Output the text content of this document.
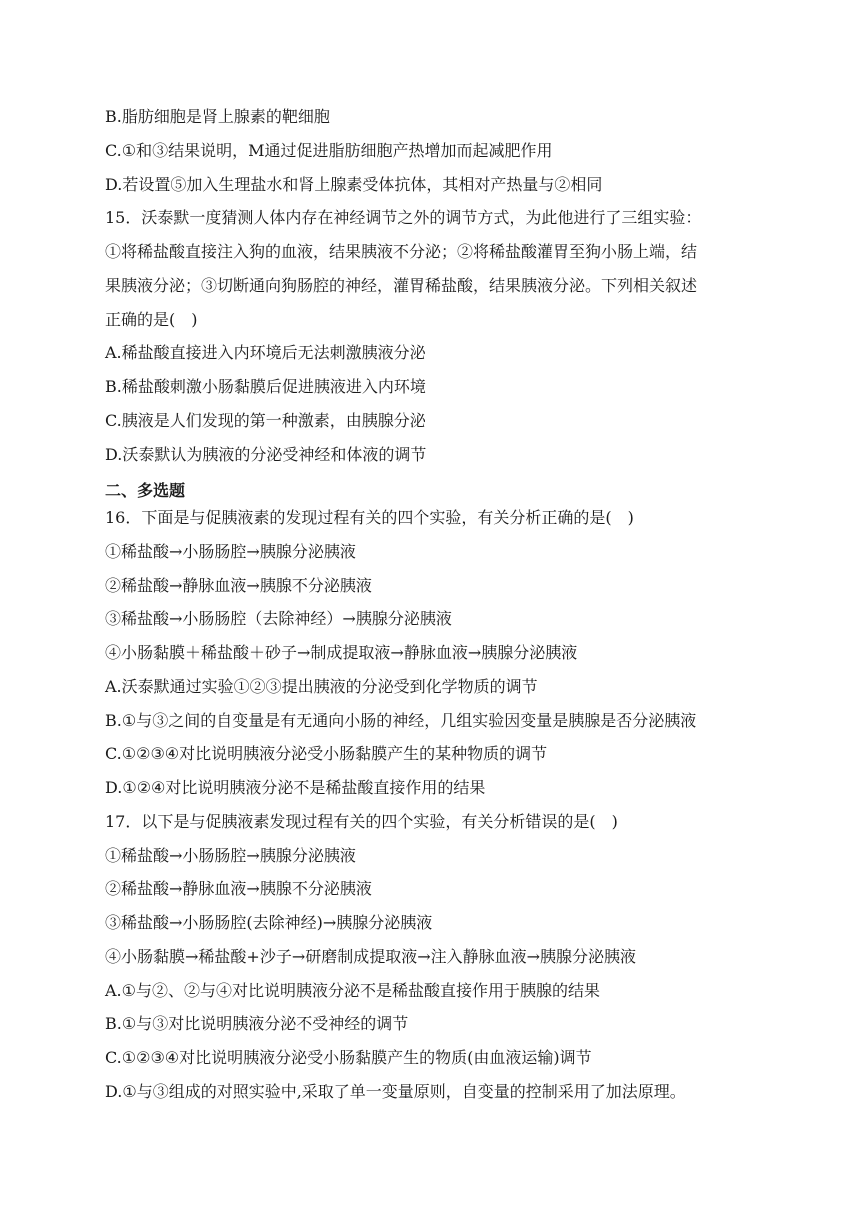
B.脂肪细胞是肾上腺素的靶细胞
C.①和③结果说明，M通过促进脂肪细胞产热增加而起减肥作用
D.若设置⑤加入生理盐水和肾上腺素受体抗体，其相对产热量与②相同
15．沃泰默一度猜测人体内存在神经调节之外的调节方式，为此他进行了三组实验：
①将稀盐酸直接注入狗的血液，结果胰液不分泌；②将稀盐酸灌胃至狗小肠上端，结
果胰液分泌；③切断通向狗肠腔的神经，灌胃稀盐酸，结果胰液分泌。下列相关叙述
正确的是(　)
A.稀盐酸直接进入内环境后无法刺激胰液分泌
B.稀盐酸刺激小肠黏膜后促进胰液进入内环境
C.胰液是人们发现的第一种激素，由胰腺分泌
D.沃泰默认为胰液的分泌受神经和体液的调节
二、多选题
16．下面是与促胰液素的发现过程有关的四个实验，有关分析正确的是(　)
①稀盐酸→小肠肠腔→胰腺分泌胰液
②稀盐酸→静脉血液→胰腺不分泌胰液
③稀盐酸→小肠肠腔（去除神经）→胰腺分泌胰液
④小肠黏膜＋稀盐酸＋砂子→制成提取液→静脉血液→胰腺分泌胰液
A.沃泰默通过实验①②③提出胰液的分泌受到化学物质的调节
B.①与③之间的自变量是有无通向小肠的神经，几组实验因变量是胰腺是否分泌胰液
C.①②③④对比说明胰液分泌受小肠黏膜产生的某种物质的调节
D.①②④对比说明胰液分泌不是稀盐酸直接作用的结果
17．以下是与促胰液素发现过程有关的四个实验，有关分析错误的是(　)
①稀盐酸→小肠肠腔→胰腺分泌胰液
②稀盐酸→静脉血液→胰腺不分泌胰液
③稀盐酸→小肠肠腔(去除神经)→胰腺分泌胰液
④小肠黏膜→稀盐酸+沙子→研磨制成提取液→注入静脉血液→胰腺分泌胰液
A.①与②、②与④对比说明胰液分泌不是稀盐酸直接作用于胰腺的结果
B.①与③对比说明胰液分泌不受神经的调节
C.①②③④对比说明胰液分泌受小肠黏膜产生的物质(由血液运输)调节
D.①与③组成的对照实验中,采取了单一变量原则，自变量的控制采用了加法原理。
